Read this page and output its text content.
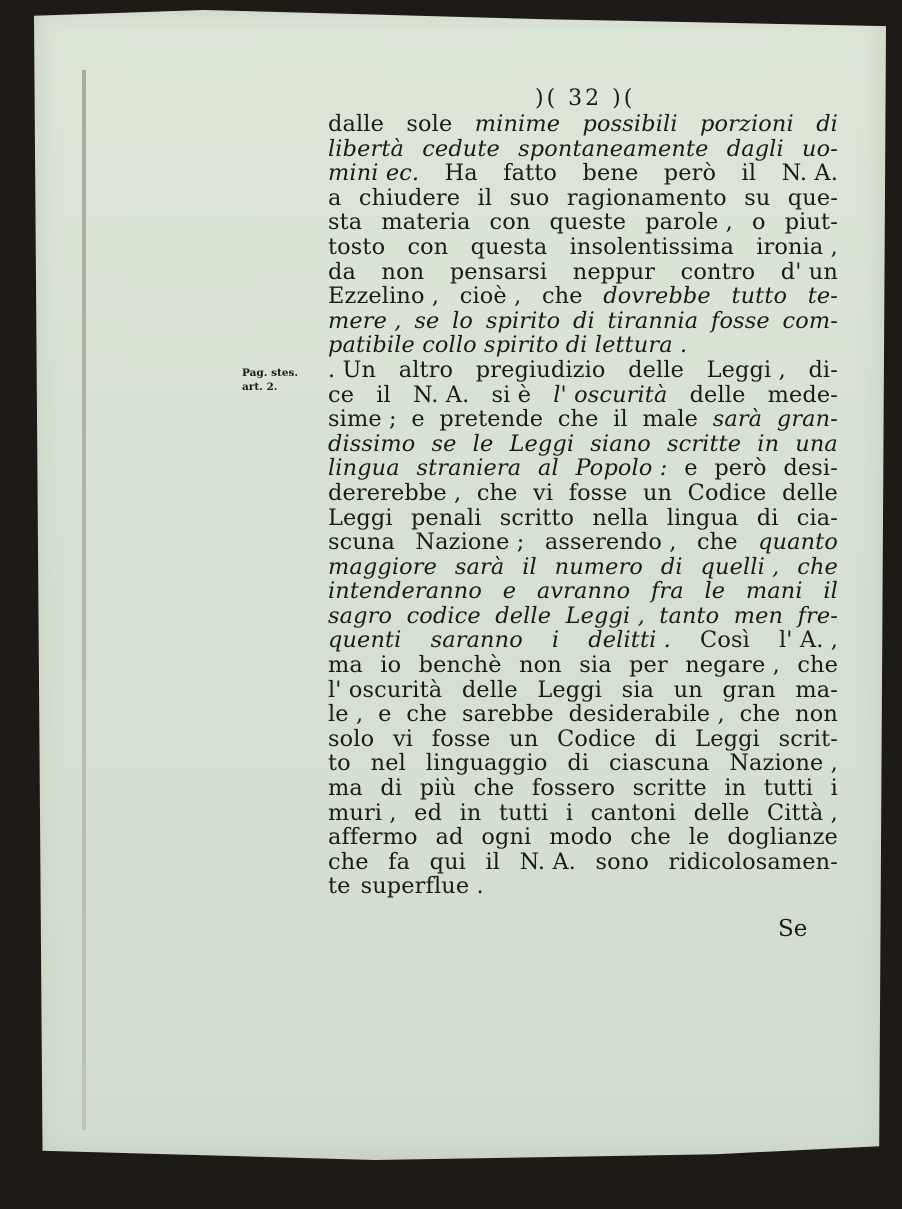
)( 32 )(
Pag. stes.
art. 2.
dalle sole minime possibili porzioni di
libertà cedute spontaneamente dagli uo-
mini ec. Ha fatto bene però il N. A.
a chiudere il suo ragionamento su que-
sta materia con queste parole , o piut-
tosto con questa insolentissima ironia ,
da non pensarsi neppur contro d' un
Ezzelino , cioè , che dovrebbe tutto te-
mere , se lo spirito di tirannia fosse com-
patibile collo spirito di lettura .
. Un altro pregiudizio delle Leggi , di-
ce il N. A. si è l' oscurità delle mede-
sime ; e pretende che il male sarà gran-
dissimo se le Leggi siano scritte in una
lingua straniera al Popolo : e però desi-
dererebbe , che vi fosse un Codice delle
Leggi penali scritto nella lingua di cia-
scuna Nazione ; asserendo , che quanto
maggiore sarà il numero di quelli , che
intenderanno e avranno fra le mani il
sagro codice delle Leggi , tanto men fre-
quenti saranno i delitti . Così l' A. ,
ma io benchè non sia per negare , che
l' oscurità delle Leggi sia un gran ma-
le , e che sarebbe desiderabile , che non
solo vi fosse un Codice di Leggi scrit-
to nel linguaggio di ciascuna Nazione ,
ma di più che fossero scritte in tutti i
muri , ed in tutti i cantoni delle Città ,
affermo ad ogni modo che le doglianze
che fa qui il N. A. sono ridicolosamen-
te superflue .
Se
